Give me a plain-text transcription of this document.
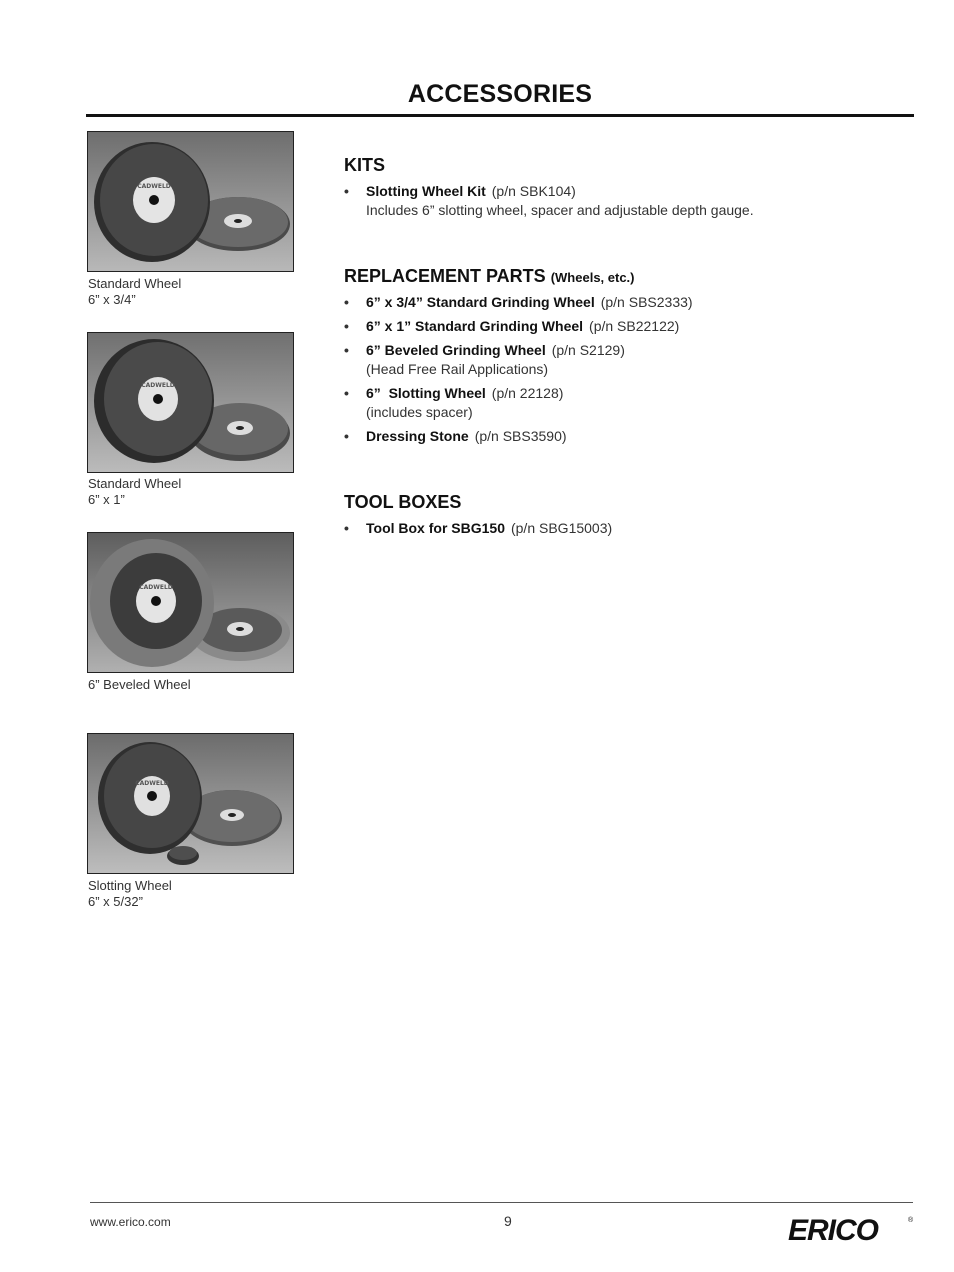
ACCESSORIES
CADWELD
Standard Wheel
6” x 3/4”
CADWELD
Standard Wheel
6” x 1”
CADWELD
6” Beveled Wheel
CADWELD
Slotting Wheel
6” x 5/32”
KITS
• Slotting Wheel Kit (p/n SBK104)
Includes 6” slotting wheel, spacer and adjustable depth gauge.
REPLACEMENT PARTS (Wheels, etc.)
• 6” x 3/4” Standard Grinding Wheel (p/n SBS2333)
• 6” x 1” Standard Grinding Wheel (p/n SB22122)
• 6” Beveled Grinding Wheel (p/n S2129)
(Head Free Rail Applications)
• 6”  Slotting Wheel (p/n 22128)
(includes spacer)
• Dressing Stone (p/n SBS3590)
TOOL BOXES
• Tool Box for SBG150 (p/n SBG15003)
www.erico.com	9	ERICO	®
